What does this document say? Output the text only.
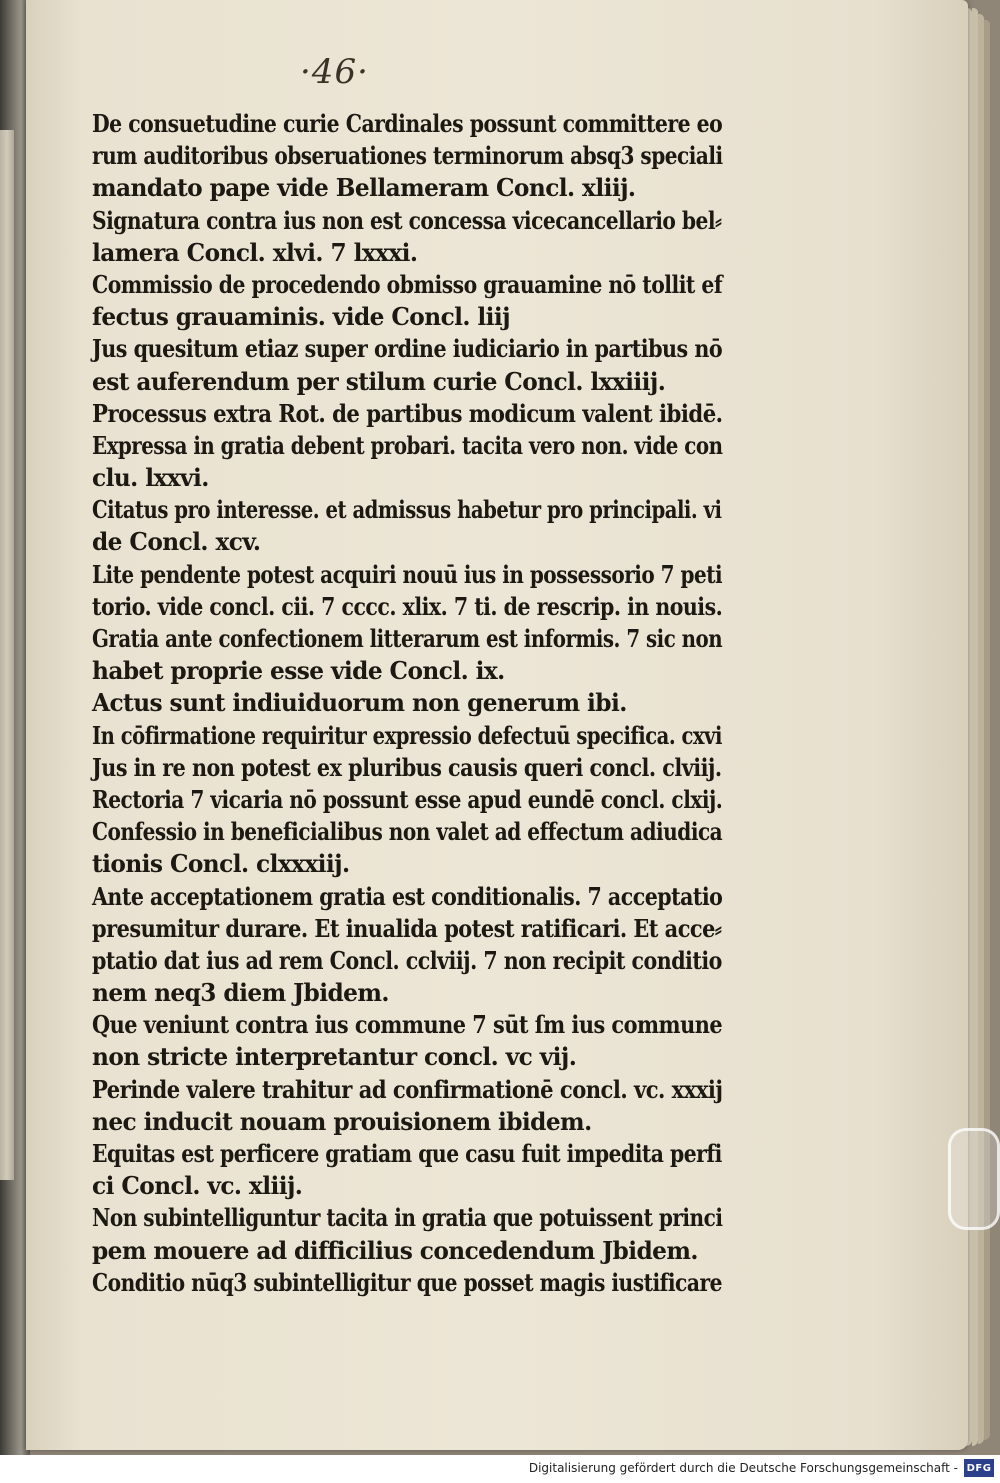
·46·
De consuetudine curie Cardinales possunt committere eo
rum auditoribus obseruationes terminorum absq3 speciali
mandato pape vide Bellameram Concl. xliij.
Signatura contra ius non est concessa vicecancellario bel⸗
lamera Concl. xlvi. 7 lxxxi.
Commissio de procedendo obmisso grauamine nō tollit ef
fectus grauaminis. vide Concl. liij
Jus quesitum etiaz super ordine iudiciario in partibus nō
est auferendum per stilum curie Concl. lxxiiij.
Processus extra Rot. de partibus modicum valent ibidē.
Expressa in gratia debent probari. tacita vero non. vide con
clu. lxxvi.
Citatus pro interesse. et admissus habetur pro principali. vi
de Concl. xcv.
Lite pendente potest acquiri nouū ius in possessorio 7 peti
torio. vide concl. cii. 7 cccc. xlix. 7 ti. de rescrip. in nouis.
Gratia ante confectionem litterarum est informis. 7 sic non
habet proprie esse vide Concl. ix.
Actus sunt indiuiduorum non generum ibi.
In cōfirmatione requiritur expressio defectuū specifica. cxvi
Jus in re non potest ex pluribus causis queri concl. clviij.
Rectoria 7 vicaria nō possunt esse apud eundē concl. clxij.
Confessio in beneficialibus non valet ad effectum adiudica
tionis Concl. clxxxiij.
Ante acceptationem gratia est conditionalis. 7 acceptatio
presumitur durare. Et inualida potest ratificari. Et acce⸗
ptatio dat ius ad rem Concl. cclviij. 7 non recipit conditio
nem neq3 diem Jbidem.
Que veniunt contra ius commune 7 sūt ſm ius commune
non stricte interpretantur concl. vc vij.
Perinde valere trahitur ad confirmationē concl. vc. xxxij
nec inducit nouam prouisionem ibidem.
Equitas est perficere gratiam que casu fuit impedita perfi
ci Concl. vc. xliij.
Non subintelliguntur tacita in gratia que potuissent princi
pem mouere ad difficilius concedendum Jbidem.
Conditio nūq3 subintelligitur que posset magis iustificare
Digitalisierung gefördert durch die Deutsche Forschungsgemeinschaft - DFG
